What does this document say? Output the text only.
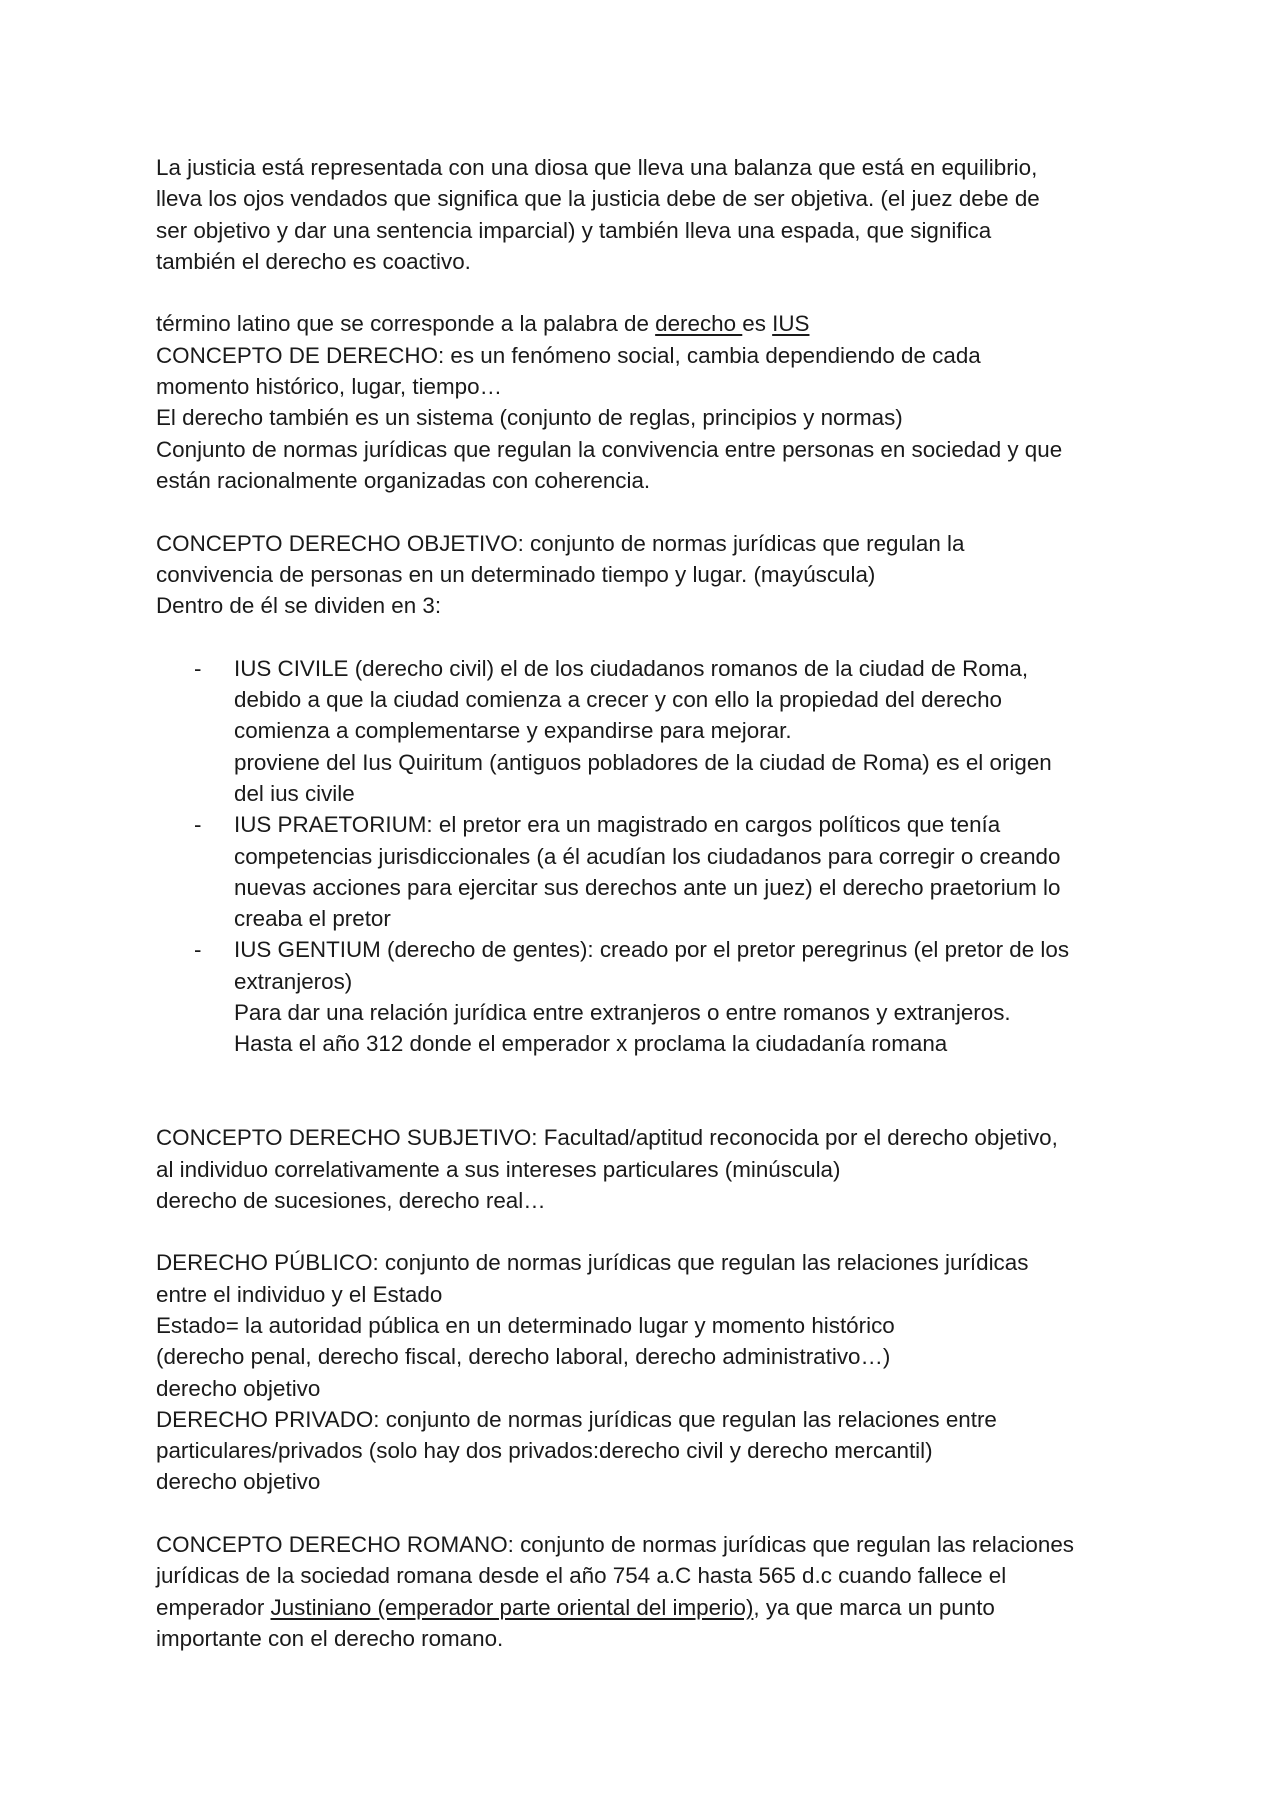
La justicia está representada con una diosa que lleva una balanza que está en equilibrio,
lleva los ojos vendados que significa que la justicia debe de ser objetiva. (el juez debe de
ser objetivo y dar una sentencia imparcial) y también lleva una espada, que significa
también el derecho es coactivo.

término latino que se corresponde a la palabra de derecho es IUS
CONCEPTO DE DERECHO: es un fenómeno social, cambia dependiendo de cada
momento histórico, lugar, tiempo…
El derecho también es un sistema (conjunto de reglas, principios y normas)
Conjunto de normas jurídicas que regulan la convivencia entre personas en sociedad y que
están racionalmente organizadas con coherencia.

CONCEPTO DERECHO OBJETIVO: conjunto de normas jurídicas que regulan la
convivencia de personas en un determinado tiempo y lugar. (mayúscula)
Dentro de él se dividen en 3:
- IUS CIVILE (derecho civil) el de los ciudadanos romanos de la ciudad de Roma,
debido a que la ciudad comienza a crecer y con ello la propiedad del derecho
comienza a complementarse y expandirse para mejorar.
proviene del Ius Quiritum (antiguos pobladores de la ciudad de Roma) es el origen
del ius civile
- IUS PRAETORIUM: el pretor era un magistrado en cargos políticos que tenía
competencias jurisdiccionales (a él acudían los ciudadanos para corregir o creando
nuevas acciones para ejercitar sus derechos ante un juez) el derecho praetorium lo
creaba el pretor
- IUS GENTIUM (derecho de gentes): creado por el pretor peregrinus (el pretor de los
extranjeros)
Para dar una relación jurídica entre extranjeros o entre romanos y extranjeros.
Hasta el año 312 donde el emperador x proclama la ciudadanía romana

CONCEPTO DERECHO SUBJETIVO: Facultad/aptitud reconocida por el derecho objetivo,
al individuo correlativamente a sus intereses particulares (minúscula)
derecho de sucesiones, derecho real…

DERECHO PÚBLICO: conjunto de normas jurídicas que regulan las relaciones jurídicas
entre el individuo y el Estado
Estado= la autoridad pública en un determinado lugar y momento histórico
(derecho penal, derecho fiscal, derecho laboral, derecho administrativo…)
derecho objetivo
DERECHO PRIVADO: conjunto de normas jurídicas que regulan las relaciones entre
particulares/privados (solo hay dos privados:derecho civil y derecho mercantil)
derecho objetivo

CONCEPTO DERECHO ROMANO: conjunto de normas jurídicas que regulan las relaciones
jurídicas de la sociedad romana desde el año 754 a.C hasta 565 d.c cuando fallece el
emperador Justiniano (emperador parte oriental del imperio), ya que marca un punto
importante con el derecho romano.
